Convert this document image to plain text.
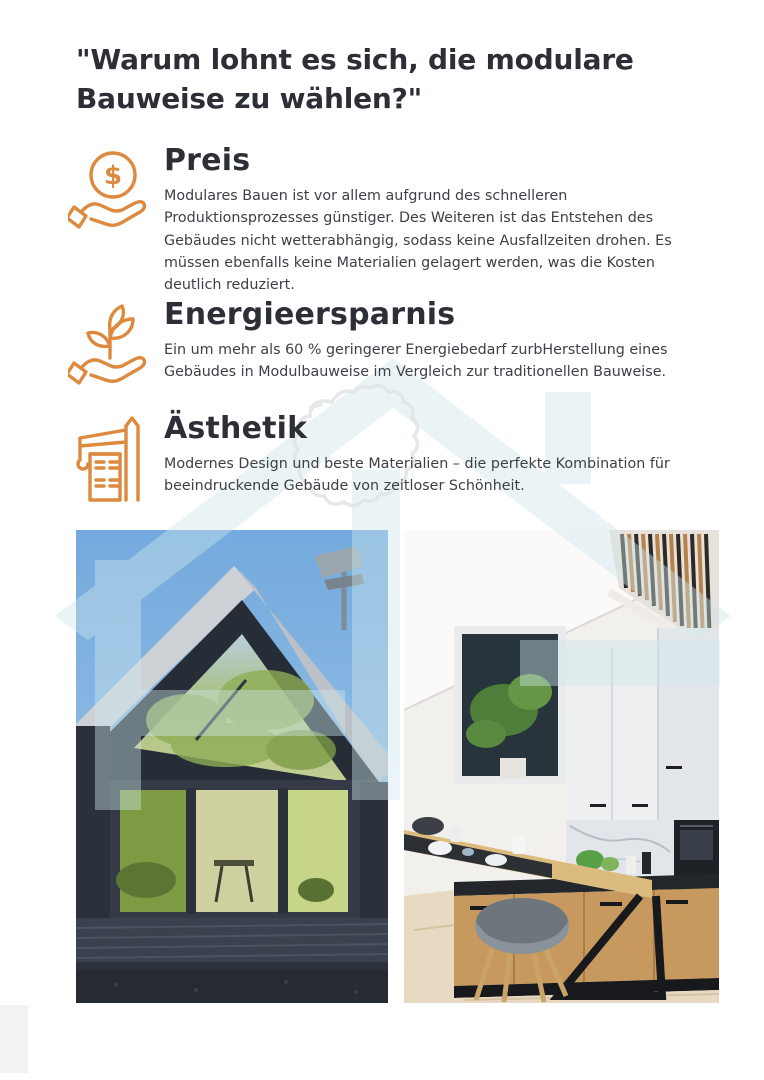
"Warum lohnt es sich, die modulare Bauweise zu wählen?"
$ Preis

Modulares Bauen ist vor allem aufgrund des schnelleren Produktionsprozesses günstiger. Des Weiteren ist das Entstehen des Gebäudes nicht wetterabhängig, sodass keine Ausfallzeiten drohen. Es müssen ebenfalls keine Materialien gelagert werden, was die Kosten deutlich reduziert.

Energieersparnis

Ein um mehr als 60 % geringerer Energiebedarf zurbHerstellung eines Gebäudes in Modulbauweise im Vergleich zur traditionellen Bauweise.

Ästhetik

Modernes Design und beste Materialien – die perfekte Kombination für beeindruckende Gebäude von zeitloser Schönheit.
